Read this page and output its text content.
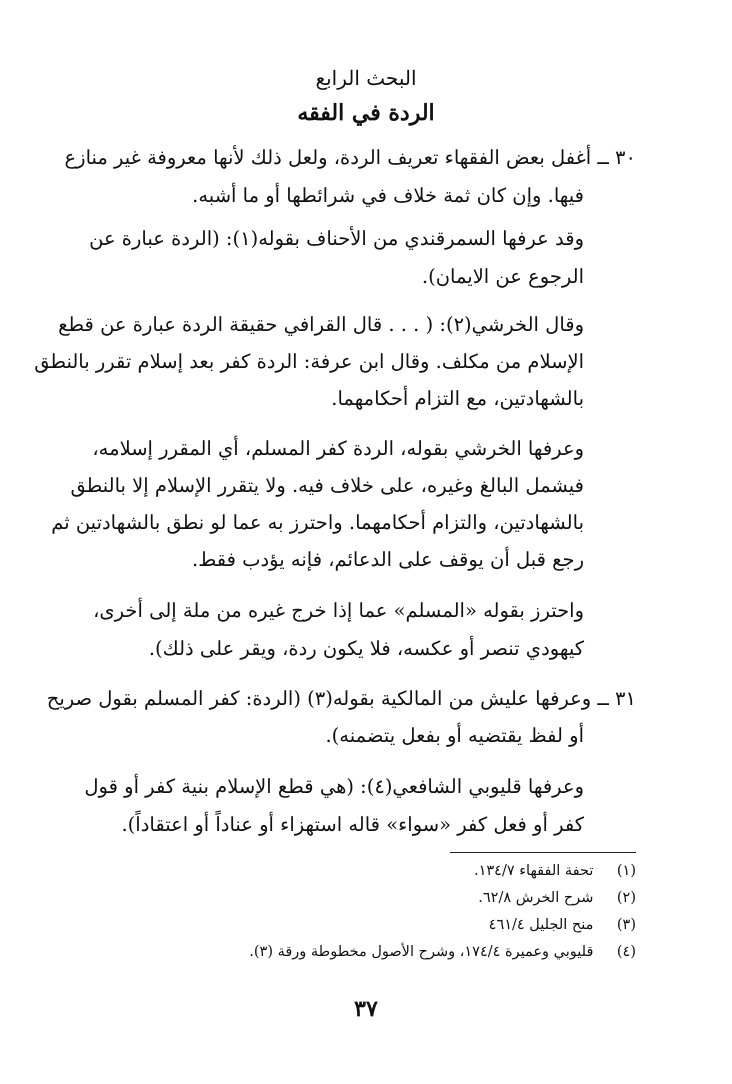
البحث الرابع
الردة في الفقه
٣٠ ــ أغفل بعض الفقهاء تعريف الردة، ولعل ذلك لأنها معروفة غير منازع
فيها. وإن كان ثمة خلاف في شرائطها أو ما أشبه.
وقد عرفها السمرقندي من الأحناف بقوله(١): (الردة عبارة عن
الرجوع عن الايمان).
وقال الخرشي(٢): ( . . . قال القرافي حقيقة الردة عبارة عن قطع
الإسلام من مكلف. وقال ابن عرفة: الردة كفر بعد إسلام تقرر بالنطق
بالشهادتين، مع التزام أحكامهما.
وعرفها الخرشي بقوله، الردة كفر المسلم، أي المقرر إسلامه،
فيشمل البالغ وغيره، على خلاف فيه. ولا يتقرر الإسلام إلا بالنطق
بالشهادتين، والتزام أحكامهما. واحترز به عما لو نطق بالشهادتين ثم
رجع قبل أن يوقف على الدعائم، فإنه يؤدب فقط.
واحترز بقوله «المسلم» عما إذا خرج غيره من ملة إلى أخرى،
كيهودي تنصر أو عكسه، فلا يكون ردة، ويقر على ذلك).
٣١ ــ وعرفها عليش من المالكية بقوله(٣) (الردة: كفر المسلم بقول صريح
أو لفظ يقتضيه أو بفعل يتضمنه).
وعرفها قليوبي الشافعي(٤): (هي قطع الإسلام بنية كفر أو قول
كفر أو فعل كفر «سواء» قاله استهزاء أو عناداً أو اعتقاداً).
(١) تحفة الفقهاء ١٣٤/٧.
(٢) شرح الخرش ٦٢/٨.
(٣) منح الجليل ٤٦١/٤
(٤) قليوبي وعميرة ١٧٤/٤، وشرح الأصول مخطوطة ورقة (٣).
٣٧
